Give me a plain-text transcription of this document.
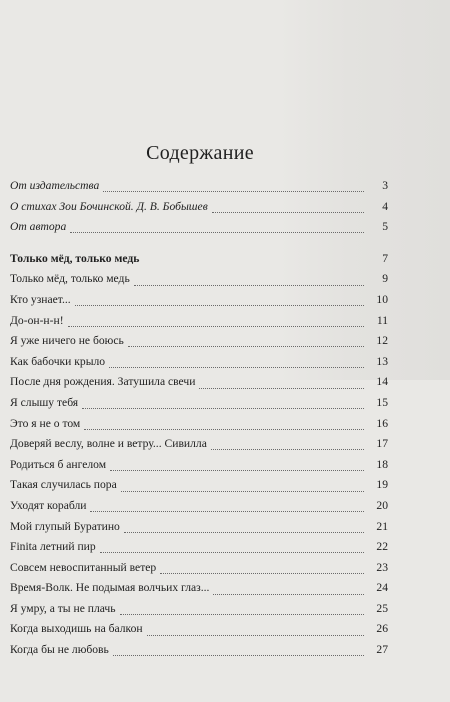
Содержание
От издательства	3
О стихах Зои Бочинской. Д. В. Бобышев	4
От автора	5
Только мёд, только медь	7
Только мёд, только медь	9
Кто узнает...	10
До-он-н-н!	11
Я уже ничего не боюсь	12
Как бабочки крыло	13
После дня рождения. Затушила свечи	14
Я слышу тебя	15
Это я не о том	16
Доверяй веслу, волне и ветру... Сивилла	17
Родиться б ангелом	18
Такая случилась пора	19
Уходят корабли	20
Мой глупый Буратино	21
Finita летний пир	22
Совсем невоспитанный ветер	23
Время-Волк. Не подымая волчьих глаз...	24
Я умру, а ты не плачь	25
Когда выходишь на балкон	26
Когда бы не любовь	27
